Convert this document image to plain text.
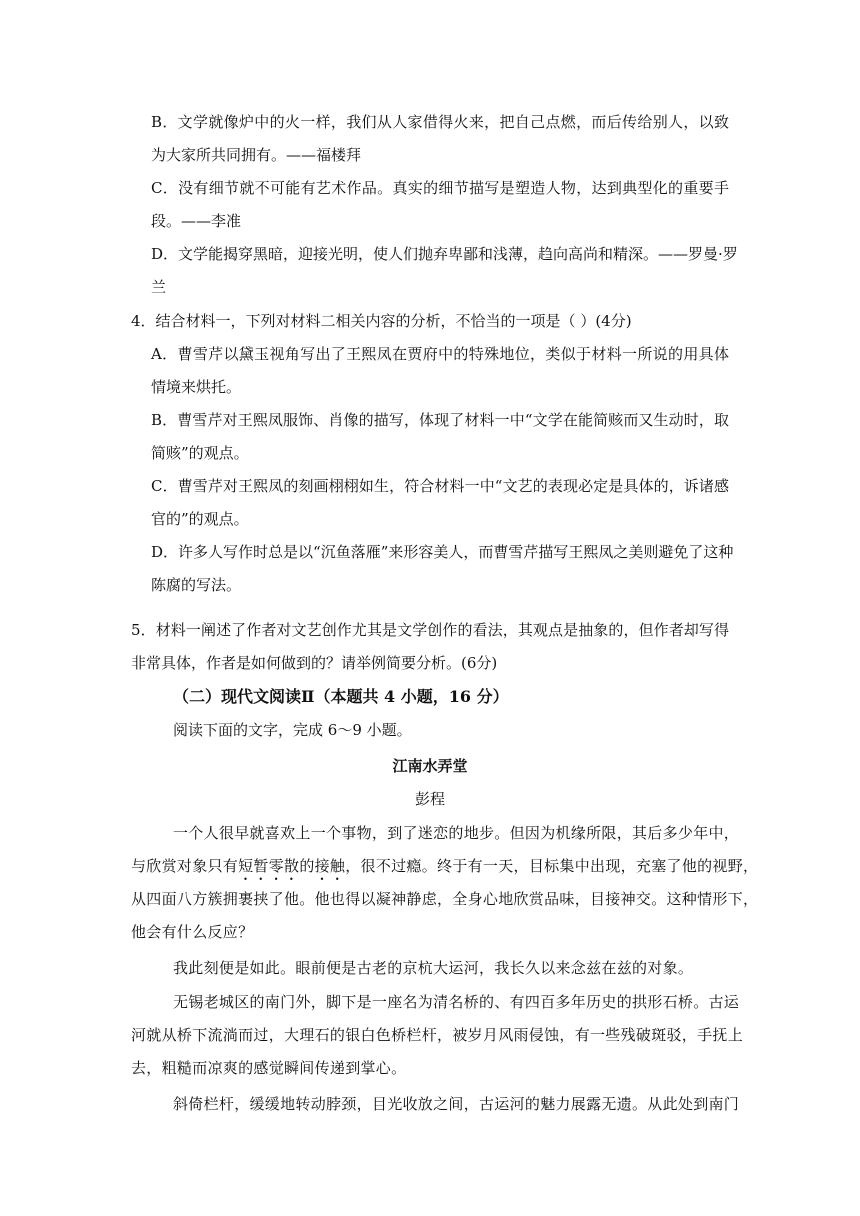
B．文学就像炉中的火一样，我们从人家借得火来，把自己点燃，而后传给别人，以致
为大家所共同拥有。——福楼拜
C．没有细节就不可能有艺术作品。真实的细节描写是塑造人物，达到典型化的重要手
段。——李准
D．文学能揭穿黑暗，迎接光明，使人们抛弃卑鄙和浅薄，趋向高尚和精深。——罗曼·罗
兰
4．结合材料一，下列对材料二相关内容的分析，不恰当的一项是（ ）(4分)
A．曹雪芹以黛玉视角写出了王熙凤在贾府中的特殊地位，类似于材料一所说的用具体
情境来烘托。
B．曹雪芹对王熙凤服饰、肖像的描写，体现了材料一中“文学在能简赅而又生动时，取
简赅”的观点。
C．曹雪芹对王熙凤的刻画栩栩如生，符合材料一中“文艺的表现必定是具体的，诉诸感
官的”的观点。
D．许多人写作时总是以“沉鱼落雁”来形容美人，而曹雪芹描写王熙凤之美则避免了这种
陈腐的写法。
5．材料一阐述了作者对文艺创作尤其是文学创作的看法，其观点是抽象的，但作者却写得
非常具体，作者是如何做到的？请举例简要分析。(6分)
（二）现代文阅读Ⅱ（本题共 4 小题，16 分）
阅读下面的文字，完成 6～9 小题。
江南水弄堂
彭程
一个人很早就喜欢上一个事物，到了迷恋的地步。但因为机缘所限，其后多少年中，
与欣赏对象只有短暂零散的接触，很不过瘾。终于有一天，目标集中出现，充塞了他的视野，
从四面八方簇拥裹挟了他。他也得以凝神静虑，全身心地欣赏品味，目接神交。这种情形下，
他会有什么反应？
我此刻便是如此。眼前便是古老的京杭大运河，我长久以来念兹在兹的对象。
无锡老城区的南门外，脚下是一座名为清名桥的、有四百多年历史的拱形石桥。古运
河就从桥下流淌而过，大理石的银白色桥栏杆，被岁月风雨侵蚀，有一些残破斑驳，手抚上
去，粗糙而凉爽的感觉瞬间传递到掌心。
斜倚栏杆，缓缓地转动脖颈，目光收放之间，古运河的魅力展露无遗。从此处到南门
